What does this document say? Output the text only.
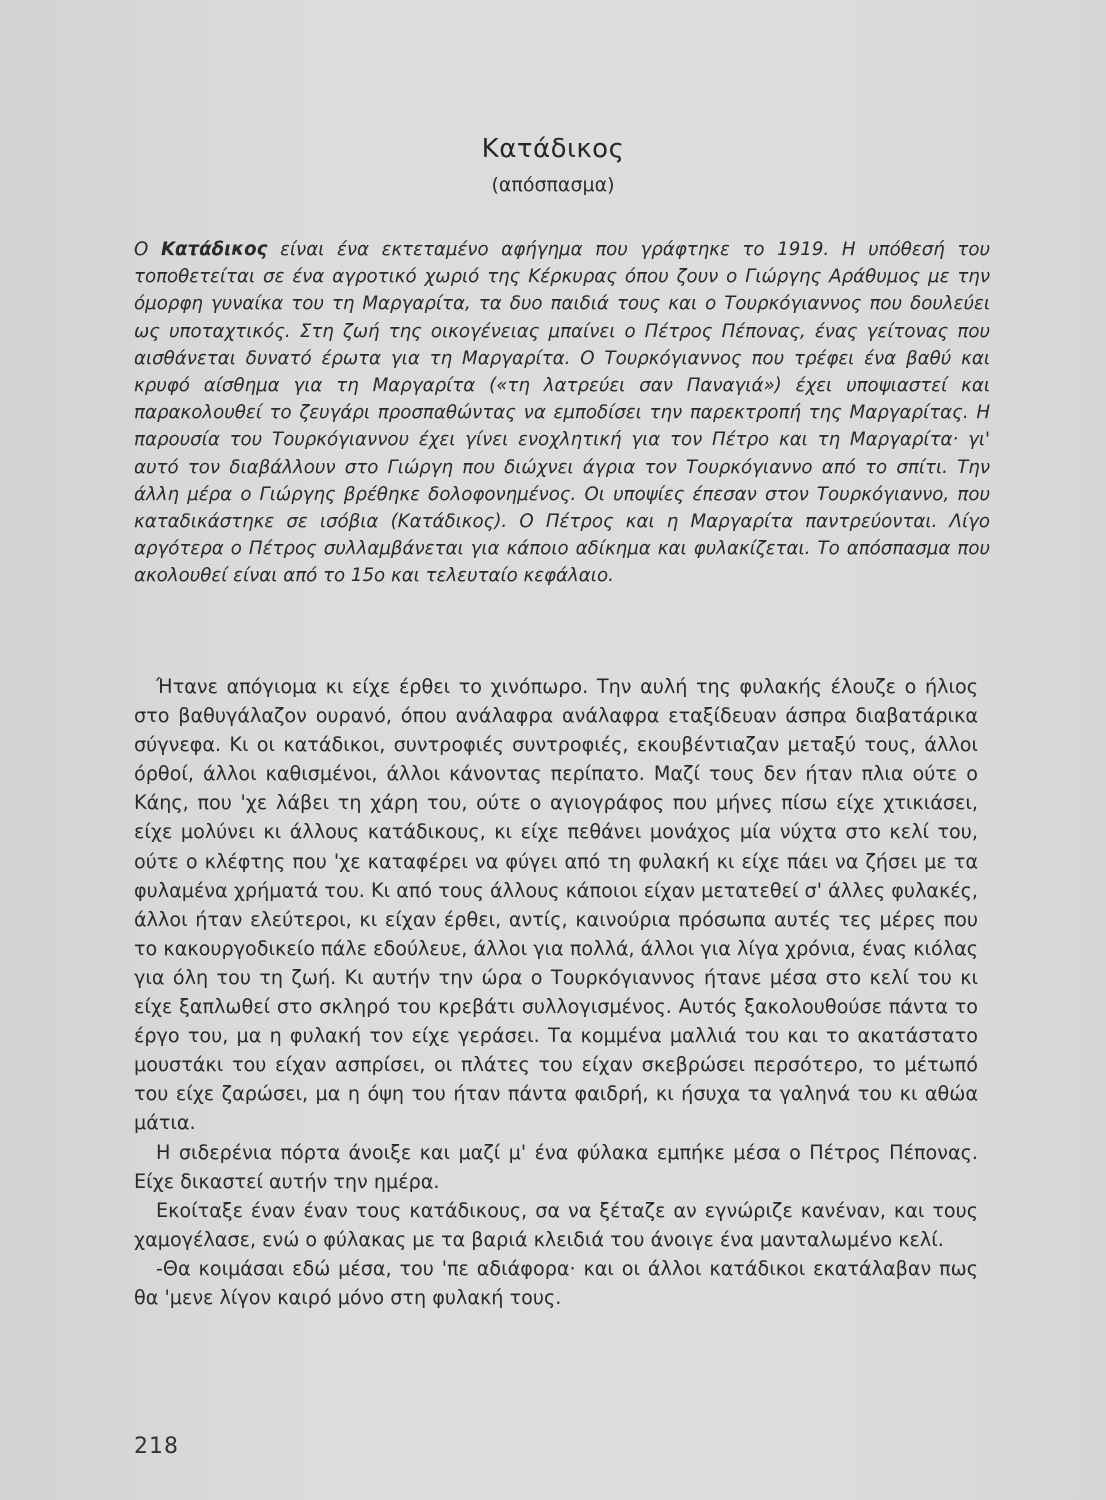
Κατάδικος
(απόσπασμα)

Ο Κατάδικος είναι ένα εκτεταμένο αφήγημα που γράφτηκε το 1919. Η υπόθεσή του τοποθετείται σε ένα αγροτικό χωριό της Κέρκυρας όπου ζουν ο Γιώργης Αράθυμος με την όμορφη γυναίκα του τη Μαργαρίτα, τα δυο παιδιά τους και ο Τουρκόγιαννος που δουλεύει ως υποταχτικός. Στη ζωή της οικογένειας μπαίνει ο Πέτρος Πέπονας, ένας γείτονας που αισθάνεται δυνατό έρωτα για τη Μαργαρίτα. Ο Τουρκόγιαννος που τρέφει ένα βαθύ και κρυφό αίσθημα για τη Μαργαρίτα («τη λατρεύει σαν Παναγιά») έχει υποψιαστεί και παρακολουθεί το ζευγάρι προσπαθώντας να εμποδίσει την παρεκτροπή της Μαργαρίτας. Η παρουσία του Τουρκόγιαννου έχει γίνει ενοχλητική για τον Πέτρο και τη Μαργαρίτα· γι' αυτό τον διαβάλλουν στο Γιώργη που διώχνει άγρια τον Τουρκόγιαννο από το σπίτι. Την άλλη μέρα ο Γιώργης βρέθηκε δολοφονημένος. Οι υποψίες έπεσαν στον Τουρκόγιαννο, που καταδικάστηκε σε ισόβια (Κατάδικος). Ο Πέτρος και η Μαργαρίτα παντρεύονται. Λίγο αργότερα ο Πέτρος συλλαμβάνεται για κάποιο αδίκημα και φυλακίζεται. Το απόσπασμα που ακολουθεί είναι από το 15ο και τελευταίο κεφάλαιο.

Ήτανε απόγιομα κι είχε έρθει το χινόπωρο. Την αυλή της φυλακής έλουζε ο ήλιος στο βαθυγάλαζον ουρανό, όπου ανάλαφρα ανάλαφρα εταξίδευαν άσπρα διαβατάρικα σύγνεφα. Κι οι κατάδικοι, συντροφιές συντροφιές, εκουβέντιαζαν μεταξύ τους, άλλοι όρθοί, άλλοι καθισμένοι, άλλοι κάνοντας περίπατο. Μαζί τους δεν ήταν πλια ούτε ο Κάης, που 'χε λάβει τη χάρη του, ούτε ο αγιογράφος που μήνες πίσω είχε χτικιάσει, είχε μολύνει κι άλλους κατάδικους, κι είχε πεθάνει μονάχος μία νύχτα στο κελί του, ούτε ο κλέφτης που 'χε καταφέρει να φύγει από τη φυλακή κι είχε πάει να ζήσει με τα φυλαμένα χρήματά του. Κι από τους άλλους κάποιοι είχαν μετατεθεί σ' άλλες φυλακές, άλλοι ήταν ελεύτεροι, κι είχαν έρθει, αντίς, καινούρια πρόσωπα αυτές τες μέρες που το κακουργοδικείο πάλε εδούλευε, άλλοι για πολλά, άλλοι για λίγα χρόνια, ένας κιόλας για όλη του τη ζωή. Κι αυτήν την ώρα ο Τουρκόγιαννος ήτανε μέσα στο κελί του κι είχε ξαπλωθεί στο σκληρό του κρεβάτι συλλογισμένος. Αυτός ξακολουθούσε πάντα το έργο του, μα η φυλακή τον είχε γεράσει. Τα κομμένα μαλλιά του και το ακατάστατο μουστάκι του είχαν ασπρίσει, οι πλάτες του είχαν σκεβρώσει περσότερο, το μέτωπό του είχε ζαρώσει, μα η όψη του ήταν πάντα φαιδρή, κι ήσυχα τα γαληνά του κι αθώα μάτια.

Η σιδερένια πόρτα άνοιξε και μαζί μ' ένα φύλακα εμπήκε μέσα ο Πέτρος Πέπονας. Είχε δικαστεί αυτήν την ημέρα.

Εκοίταξε έναν έναν τους κατάδικους, σα να ξέταζε αν εγνώριζε κανέναν, και τους χαμογέλασε, ενώ ο φύλακας με τα βαριά κλειδιά του άνοιγε ένα μανταλωμένο κελί.

-Θα κοιμάσαι εδώ μέσα, του 'πε αδιάφορα· και οι άλλοι κατάδικοι εκατάλαβαν πως θα 'μενε λίγον καιρό μόνο στη φυλακή τους.

218
